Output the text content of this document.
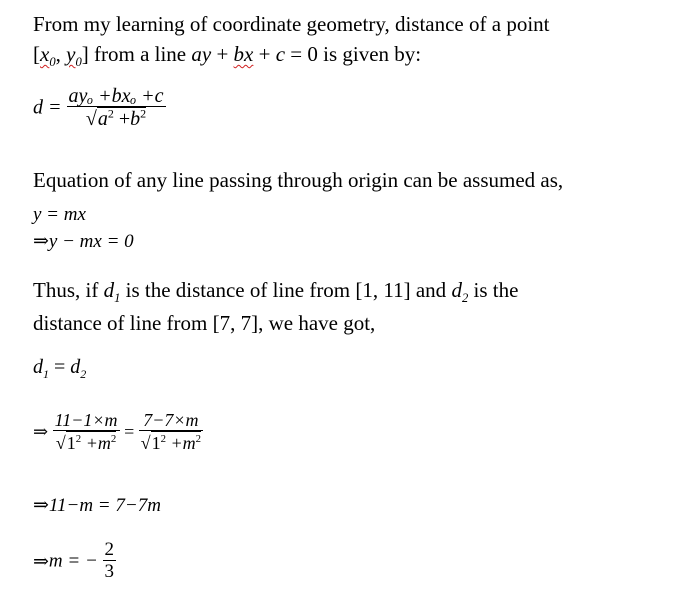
From my learning of coordinate geometry, distance of a point
[$x_0$, $y_0$] from a line ay + bx + c = 0 is given by:
$d = \frac{\text{ayₒ +bxₒ +c}}{√a^2 +b^2}$
Equation of any line passing through origin can be assumed as,
y = mx
⇒y − mx = 0
Thus, if $d_1$ is the distance of line from [1, 11] and $d_2$ is the
distance of line from [7, 7], we have got,
$d_1 = d_2$
⇒ $\frac{11-1\times m}{√1^2 +m^2} = \frac{7-7\times m}{√1^2 +m^2}$
⇒11−m = 7−7m
⇒m = − $\frac{2}{3}$
